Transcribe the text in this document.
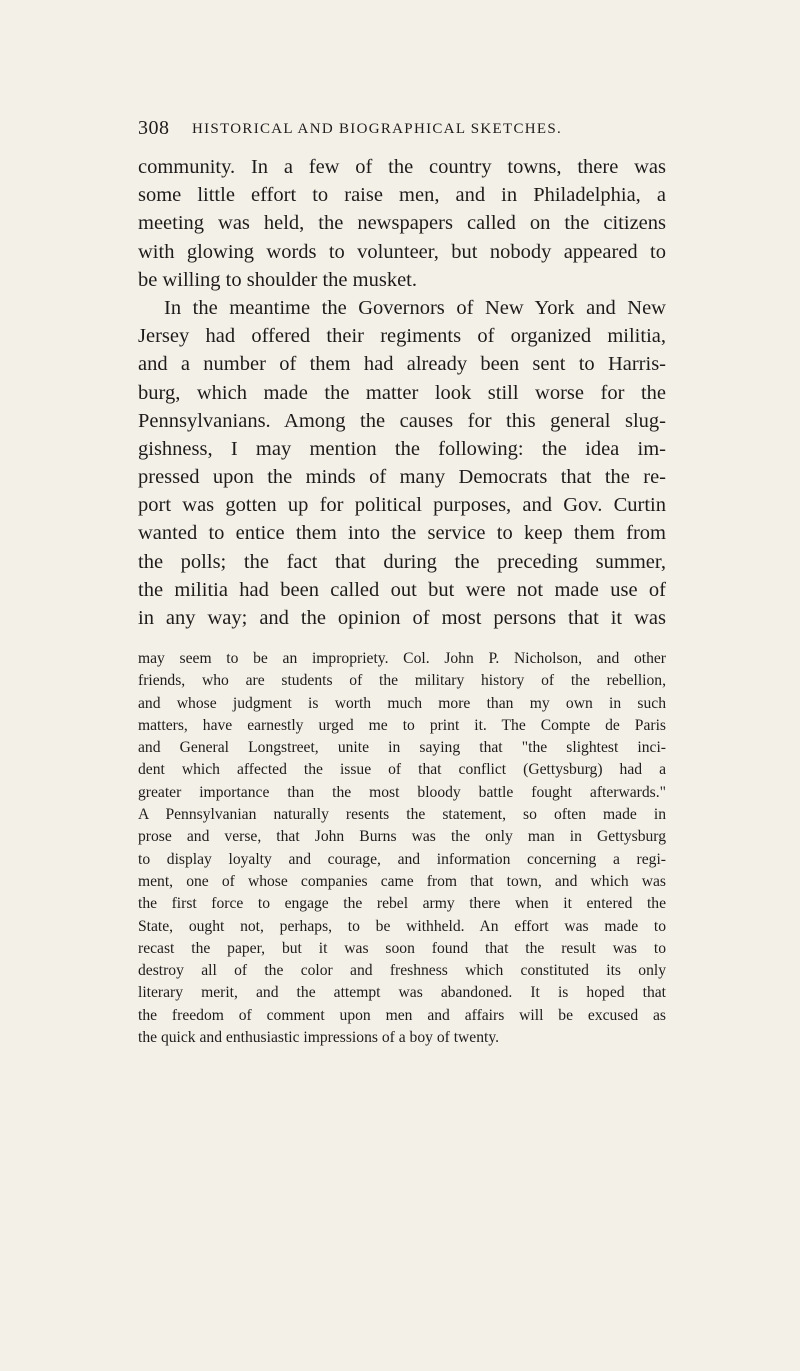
308 HISTORICAL AND BIOGRAPHICAL SKETCHES.
community. In a few of the country towns, there was
some little effort to raise men, and in Philadelphia, a
meeting was held, the newspapers called on the citizens
with glowing words to volunteer, but nobody appeared to
be willing to shoulder the musket.
In the meantime the Governors of New York and New
Jersey had offered their regiments of organized militia,
and a number of them had already been sent to Harris-
burg, which made the matter look still worse for the
Pennsylvanians. Among the causes for this general slug-
gishness, I may mention the following: the idea im-
pressed upon the minds of many Democrats that the re-
port was gotten up for political purposes, and Gov. Curtin
wanted to entice them into the service to keep them from
the polls; the fact that during the preceding summer,
the militia had been called out but were not made use of
in any way; and the opinion of most persons that it was
may seem to be an impropriety. Col. John P. Nicholson, and other
friends, who are students of the military history of the rebellion,
and whose judgment is worth much more than my own in such
matters, have earnestly urged me to print it. The Compte de Paris
and General Longstreet, unite in saying that "the slightest inci-
dent which affected the issue of that conflict (Gettysburg) had a
greater importance than the most bloody battle fought afterwards."
A Pennsylvanian naturally resents the statement, so often made in
prose and verse, that John Burns was the only man in Gettysburg
to display loyalty and courage, and information concerning a regi-
ment, one of whose companies came from that town, and which was
the first force to engage the rebel army there when it entered the
State, ought not, perhaps, to be withheld. An effort was made to
recast the paper, but it was soon found that the result was to
destroy all of the color and freshness which constituted its only
literary merit, and the attempt was abandoned. It is hoped that
the freedom of comment upon men and affairs will be excused as
the quick and enthusiastic impressions of a boy of twenty.
